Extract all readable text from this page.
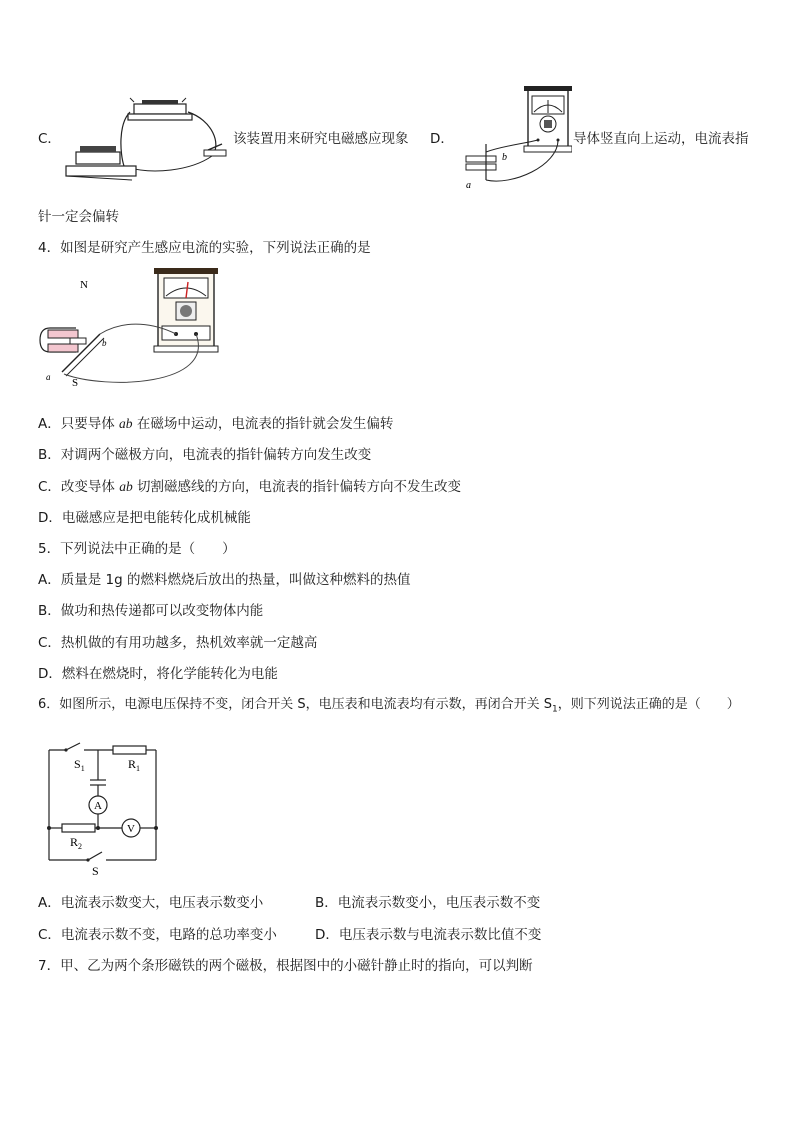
C．	该装置用来研究电磁感应现象 D．
b
a
导体竖直向上运动，电流表指
针一定会偏转
4．如图是研究产生感应电流的实验，下列说法正确的是
N
S
b
a
A．只要导体 ab 在磁场中运动，电流表的指针就会发生偏转
B．对调两个磁极方向，电流表的指针偏转方向发生改变
C．改变导体 ab 切割磁感线的方向，电流表的指针偏转方向不发生改变
D．电磁感应是把电能转化成机械能
5．下列说法中正确的是（　　）
A．质量是 1g 的燃料燃烧后放出的热量，叫做这种燃料的热值
B．做功和热传递都可以改变物体内能
C．热机做的有用功越多，热机效率就一定越高
D．燃料在燃烧时，将化学能转化为电能
6．如图所示，电源电压保持不变，闭合开关 S，电压表和电流表均有示数，再闭合开关 $S_1$，则下列说法正确的是（　　）
$S_1$	$R_1$
A
V
$R_2$
S
A．电流表示数变大，电压表示数变小	B．电流表示数变小，电压表示数不变
C．电流表示数不变，电路的总功率变小	D．电压表示数与电流表示数比值不变
7．甲、乙为两个条形磁铁的两个磁极，根据图中的小磁针静止时的指向，可以判断
